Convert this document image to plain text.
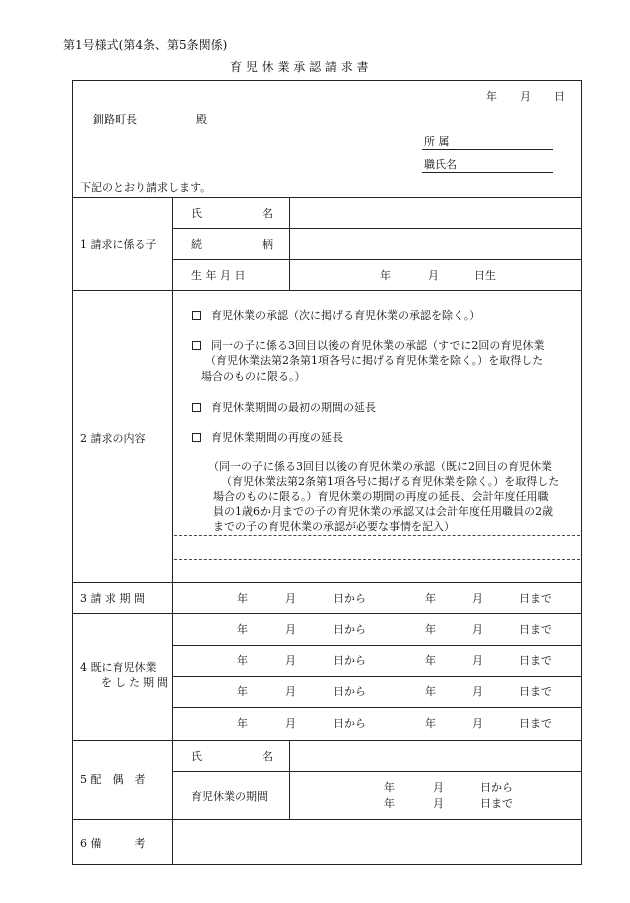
第1号様式(第4条、第5条関係)
育 児 休 業 承 認 請 求 書
年 月 日
釧路町長	殿
所 属
職氏名
下記のとおり請求します。
1 請求に係る子
氏	名
続	柄
生 年 月 日	年	月	日生
2 請求の内容
育児休業の承認（次に掲げる育児休業の承認を除く。）
同一の子に係る3回目以後の育児休業の承認（すでに2回の育児休業
（育児休業法第2条第1項各号に掲げる育児休業を除く。）を取得した
場合のものに限る。）
育児休業期間の最初の期間の延長
育児休業期間の再度の延長
（同一の子に係る3回目以後の育児休業の承認（既に2回目の育児休業
（育児休業法第2条第1項各号に掲げる育児休業を除く。）を取得した
場合のものに限る。）育児休業の期間の再度の延長、会計年度任用職
員の1歳6か月までの子の育児休業の承認又は会計年度任用職員の2歳
までの子の育児休業の承認が必要な事情を記入）
3 請 求 期 間	年	月	日から	年	月	日まで
4 既に育児休業
をした期間
年	月	日から	年	月	日まで
年	月	日から	年	月	日まで
年	月	日から	年	月	日まで
年	月	日から	年	月	日まで
5 配　偶　者
氏	名
育児休業の期間
年	月	日から
年	月	日まで
6 備　　　考
